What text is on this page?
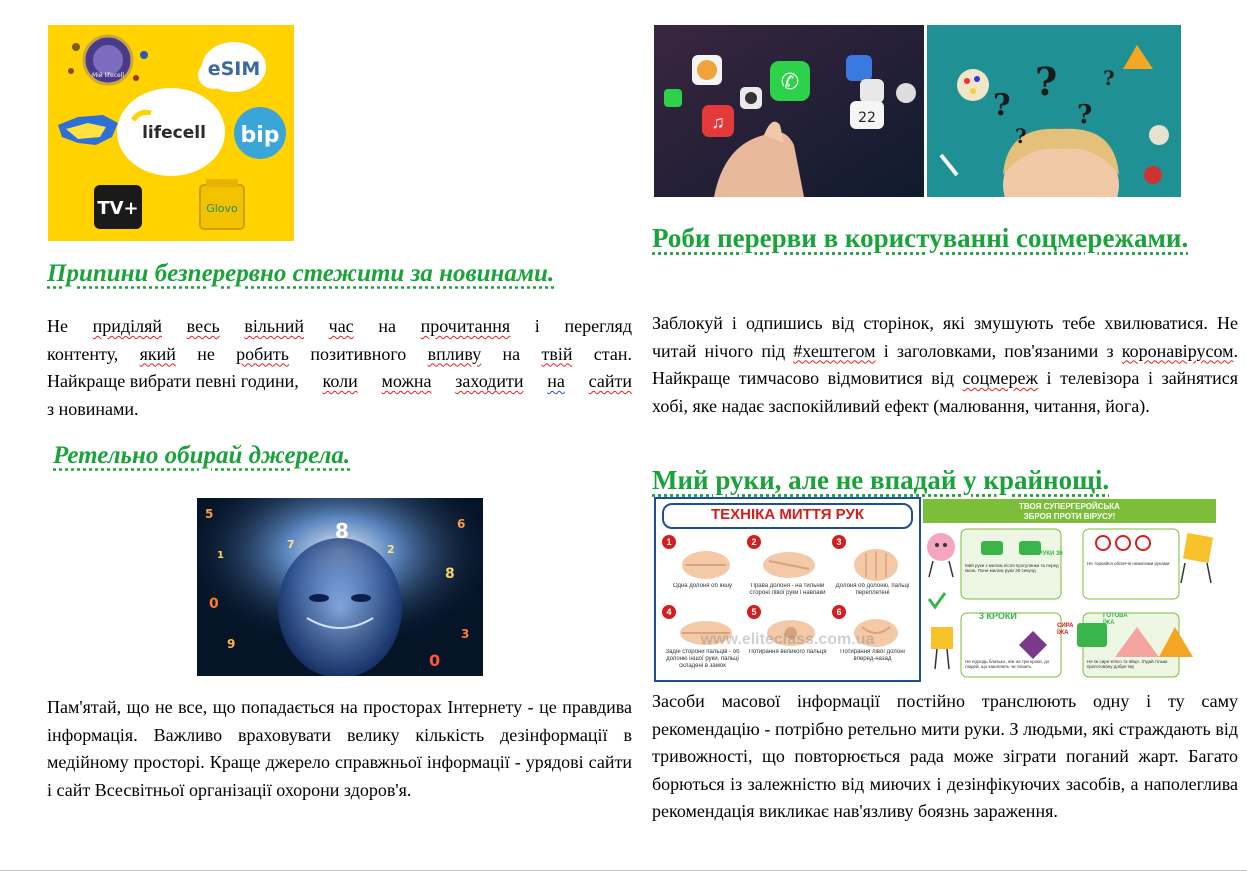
Мій lifecell	eSIM
lifecell bip
TV+	Glovo
Припини безперервно стежити за новинами.
Не приділяй весь вільний час на прочитання і перегляд
контенту, який не робить позитивного впливу на твій стан.
Найкраще вибрати певні години, коли можна заходити на сайти
з новинами.
Ретельно обирай джерела.
5
1
0
9
6
8
3
8
7	2
0
Пам'ятай, що не все, що попадається на просторах Інтернету - це правдива інформація. Важливо враховувати велику кількість дезінформації в медійному просторі. Краще джерело справжньої інформації - урядові сайти і сайт Всесвітньої організації охорони здоров'я.
♫
✆
22	?
?
?
?
?
Роби перерви в користуванні соцмережами.
Заблокуй і одпишись від сторінок, які змушують тебе хвилюватися. Не читай нічого під #хештегом і заголовками, пов'язаними з коронавірусом. Найкраще тимчасово відмовитися від соцмереж і телевізора і зайнятися хобі, яке надає заспокійливий ефект (малювання, читання, йога).
Мий руки, але не впадай у крайнощі.
ТЕХНІКА МИТТЯ РУК
1
Одна долоня об іншу
2
Права долоня - на тильній стороні лівої руки і навпаки
3
Долоня об долоню, пальці переплетені
4
Задні сторони пальців - об долоню іншої руки, пальці складені в замок
5
Потирання великого пальця
6
Потирання лівої долоні вперед-назад
www.eliteclass.com.ua
ТВОЯ СУПЕРГЕРОЙСЬКА
ЗБРОЯ ПРОТИ ВІРУСУ!
МИЙ РУКИ 30
3 КРОКИ
СИРА ЇЖА
ГОТОВА ЇЖА
Мий руки з милом після прогулянки та перед їжею. Пони милом руки 30 секунд
Не торкайся обличчя немитими руками
Не підходь близько, ніж на три кроки, до людей, що кашляють чи чхають
Не їж сире м'ясо та яйця. З'їдай тільки приготовану добрe їжу
Засоби масової інформації постійно транслюють одну і ту саму рекомендацію - потрібно ретельно мити руки. З людьми, які страждають від тривожності, що повторюється рада може зіграти поганий жарт. Багато борються із залежністю від миючих і дезінфікуючих засобів, а наполеглива рекомендація викликає нав'язливу боязнь зараження.
